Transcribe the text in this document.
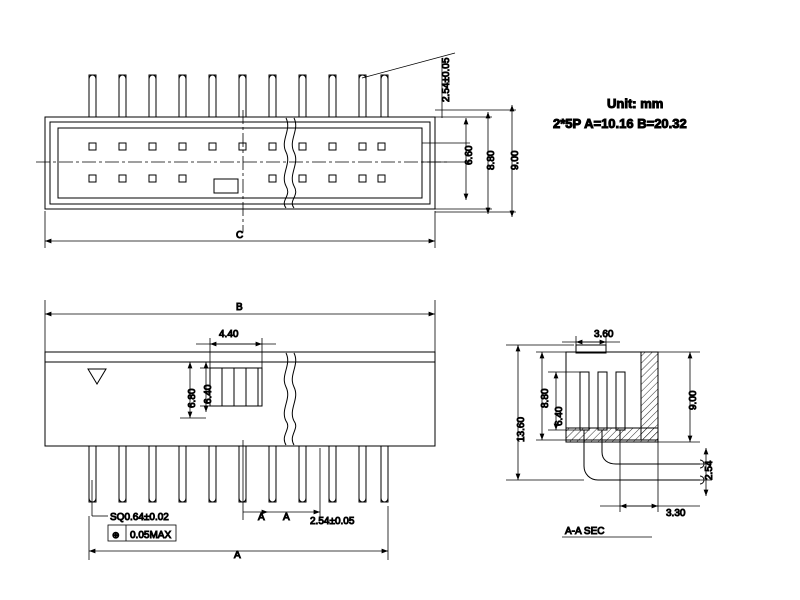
2.54±0.05
6.60 8.80 9.00
C
Unit: mm
2*5P A=10.16 B=20.32
B
4.40
6.80 6.40
SQ0.64±0.02
⊕ 0.05MAX
2.54±0.05
A
A A
3.60
8.80
6.40
13.60
9.00
2.54
3.30
A-A SEC
